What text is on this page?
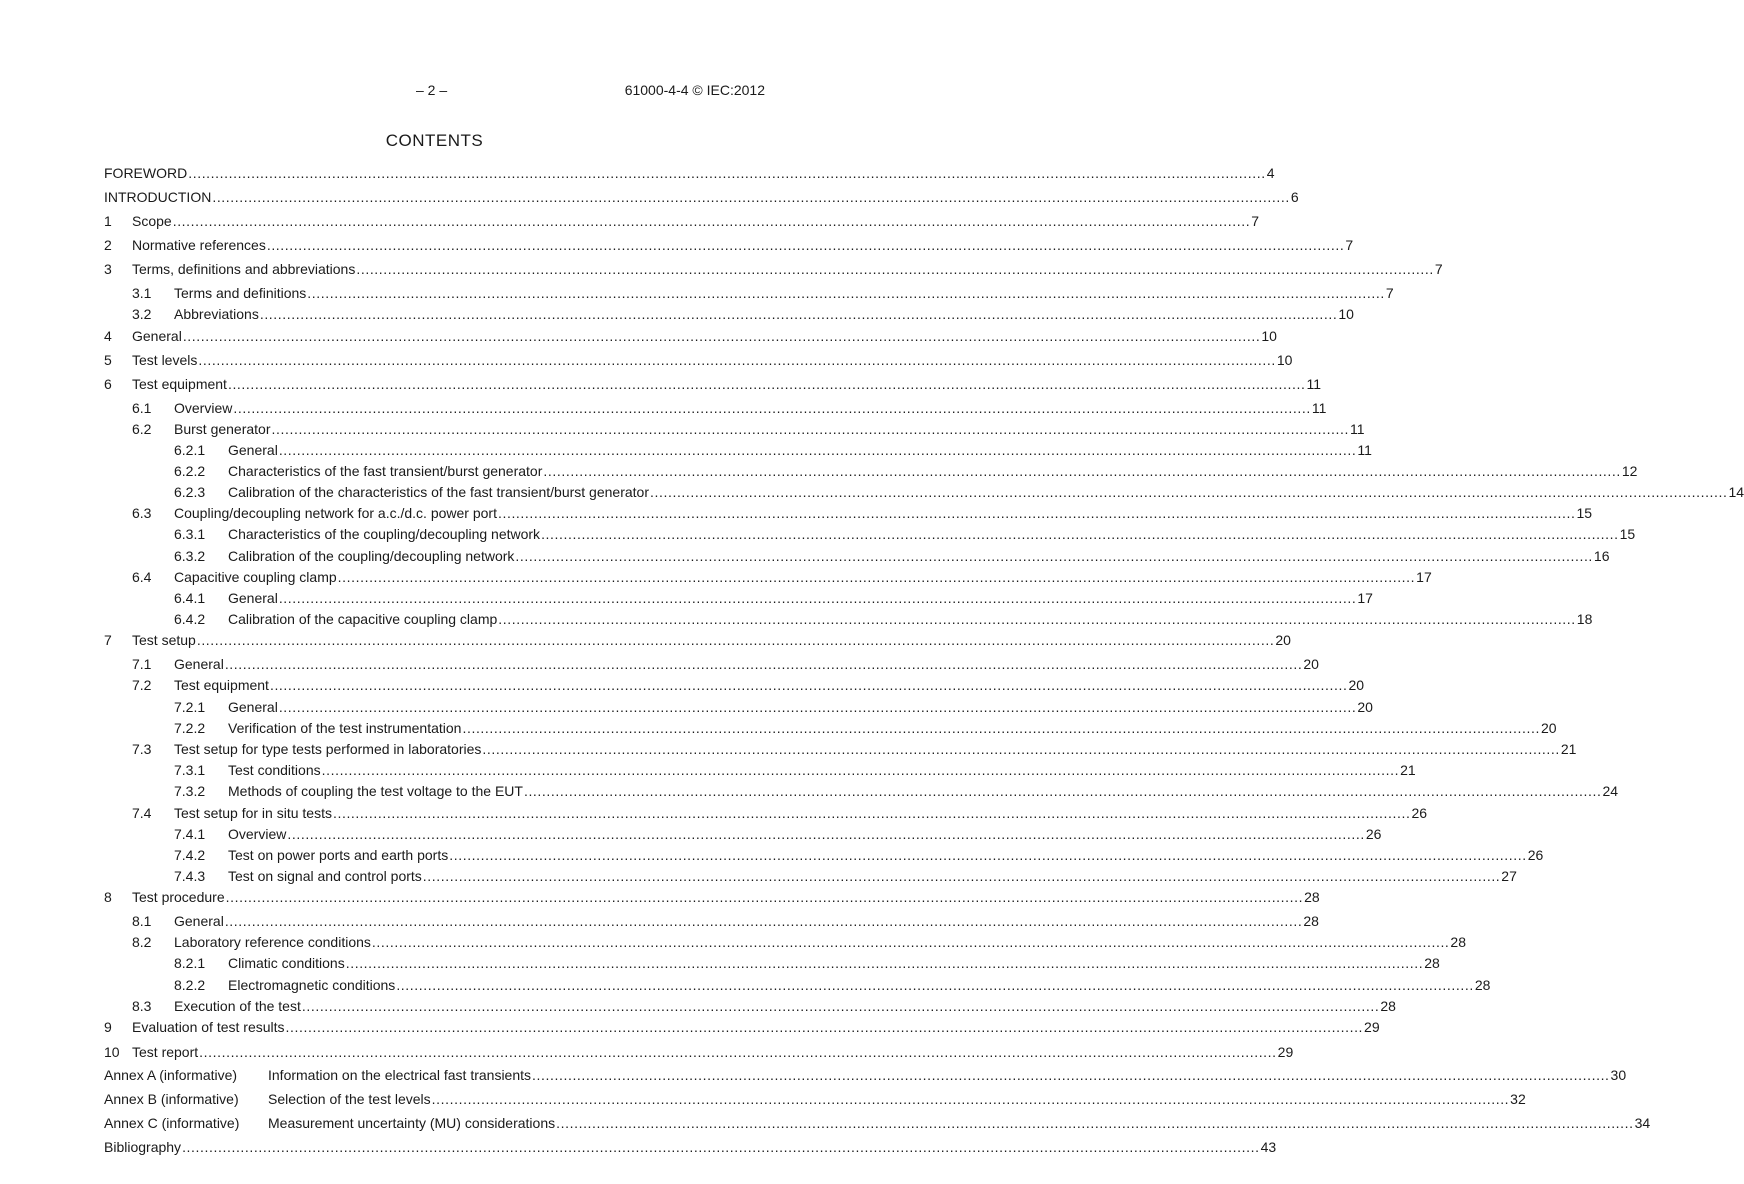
– 2 –	61000-4-4 © IEC:2012
CONTENTS
FOREWORD ................................................................................................................................................................................................................................................ 4
INTRODUCTION ................................................................................................................................................................................................................................................ 6
1	Scope ................................................................................................................................................................................................................................................ 7
2	Normative references ................................................................................................................................................................................................................................................ 7
3	Terms, definitions and abbreviations ................................................................................................................................................................................................................................................ 7
3.1	Terms and definitions ................................................................................................................................................................................................................................................ 7
3.2	Abbreviations ................................................................................................................................................................................................................................................ 10
4	General ................................................................................................................................................................................................................................................ 10
5	Test levels ................................................................................................................................................................................................................................................ 10
6	Test equipment ................................................................................................................................................................................................................................................ 11
6.1	Overview ................................................................................................................................................................................................................................................ 11
6.2	Burst generator ................................................................................................................................................................................................................................................ 11
6.2.1	General ................................................................................................................................................................................................................................................ 11
6.2.2	Characteristics of the fast transient/burst generator ................................................................................................................................................................................................................................................ 12
6.2.3	Calibration of the characteristics of the fast transient/burst generator ................................................................................................................................................................................................................................................ 14
6.3	Coupling/decoupling network for a.c./d.c. power port ................................................................................................................................................................................................................................................ 15
6.3.1	Characteristics of the coupling/decoupling network ................................................................................................................................................................................................................................................ 15
6.3.2	Calibration of the coupling/decoupling network ................................................................................................................................................................................................................................................ 16
6.4	Capacitive coupling clamp ................................................................................................................................................................................................................................................ 17
6.4.1	General ................................................................................................................................................................................................................................................ 17
6.4.2	Calibration of the capacitive coupling clamp ................................................................................................................................................................................................................................................ 18
7	Test setup ................................................................................................................................................................................................................................................ 20
7.1	General ................................................................................................................................................................................................................................................ 20
7.2	Test equipment ................................................................................................................................................................................................................................................ 20
7.2.1	General ................................................................................................................................................................................................................................................ 20
7.2.2	Verification of the test instrumentation ................................................................................................................................................................................................................................................ 20
7.3	Test setup for type tests performed in laboratories ................................................................................................................................................................................................................................................ 21
7.3.1	Test conditions ................................................................................................................................................................................................................................................ 21
7.3.2	Methods of coupling the test voltage to the EUT ................................................................................................................................................................................................................................................ 24
7.4	Test setup for in situ tests ................................................................................................................................................................................................................................................ 26
7.4.1	Overview ................................................................................................................................................................................................................................................ 26
7.4.2	Test on power ports and earth ports ................................................................................................................................................................................................................................................ 26
7.4.3	Test on signal and control ports ................................................................................................................................................................................................................................................ 27
8	Test procedure ................................................................................................................................................................................................................................................ 28
8.1	General ................................................................................................................................................................................................................................................ 28
8.2	Laboratory reference conditions ................................................................................................................................................................................................................................................ 28
8.2.1	Climatic conditions ................................................................................................................................................................................................................................................ 28
8.2.2	Electromagnetic conditions ................................................................................................................................................................................................................................................ 28
8.3	Execution of the test ................................................................................................................................................................................................................................................ 28
9	Evaluation of test results ................................................................................................................................................................................................................................................ 29
10 Test report ................................................................................................................................................................................................................................................ 29
Annex A (informative)	Information on the electrical fast transients ................................................................................................................................................................................................................................................ 30
Annex B (informative)	Selection of the test levels ................................................................................................................................................................................................................................................ 32
Annex C (informative)	Measurement uncertainty (MU) considerations ................................................................................................................................................................................................................................................ 34
Bibliography ................................................................................................................................................................................................................................................ 43
